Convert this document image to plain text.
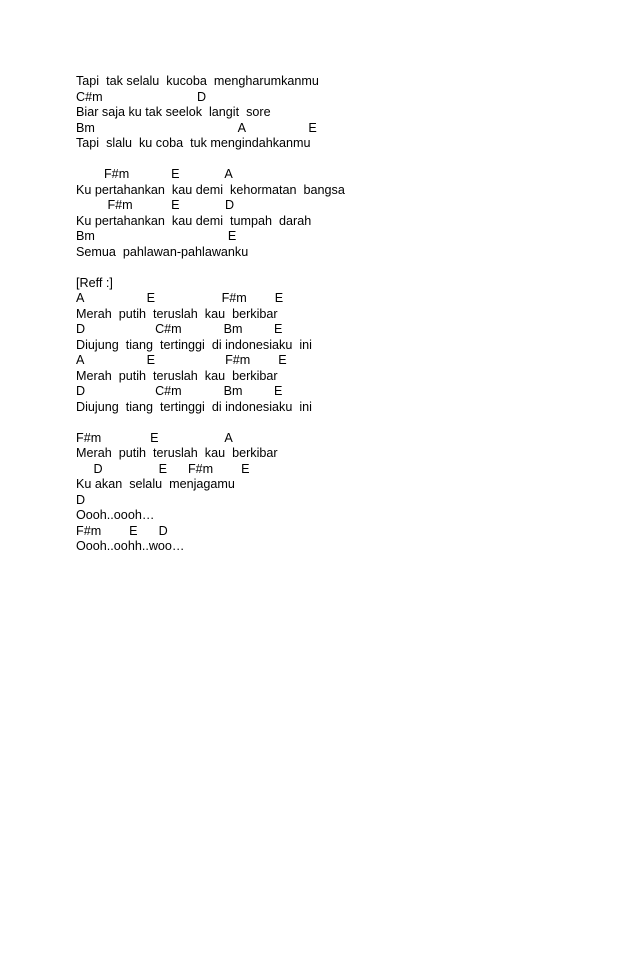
Tapi  tak selalu  kucoba  mengharumkanmu
C#m                           D
Biar saja ku tak seelok  langit  sore
Bm                                         A                  E
Tapi  slalu  ku coba  tuk mengindahkanmu
F#m            E             A
Ku pertahankan  kau demi  kehormatan  bangsa
F#m           E             D
Ku pertahankan  kau demi  tumpah  darah
Bm                                      E
Semua  pahlawan-pahlawanku
[Reff :]
A                  E                   F#m        E
Merah  putih  teruslah  kau  berkibar
D                    C#m            Bm         E
Diujung  tiang  tertinggi  di indonesiaku  ini
A                  E                    F#m        E
Merah  putih  teruslah  kau  berkibar
D                    C#m            Bm         E
Diujung  tiang  tertinggi  di indonesiaku  ini
F#m              E                   A
Merah  putih  teruslah  kau  berkibar
D                E      F#m        E
Ku akan  selalu  menjagamu
D
Oooh..oooh…
F#m        E      D
Oooh..oohh..woo…
